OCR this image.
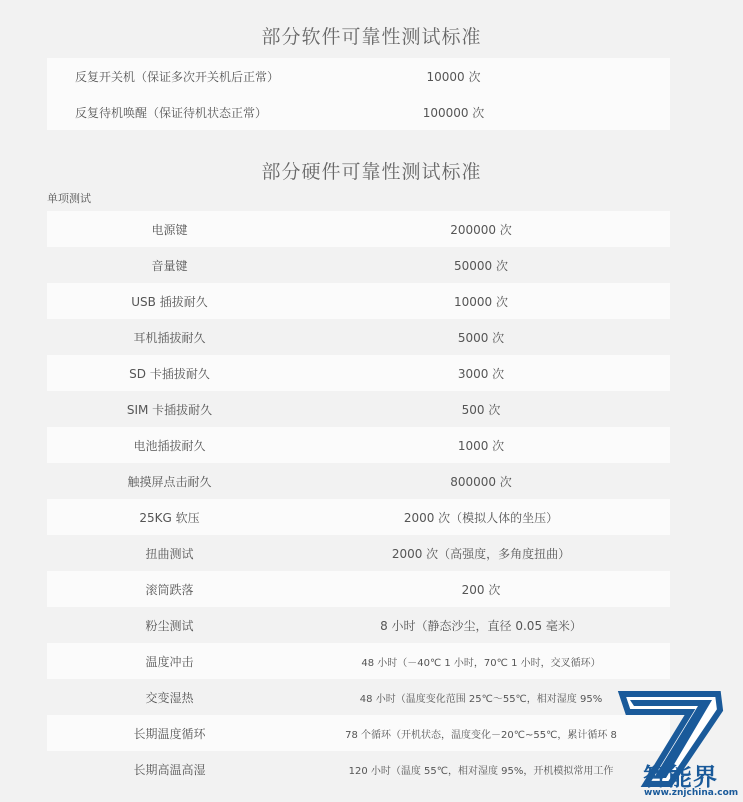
部分软件可靠性测试标准
反复开关机（保证多次开关机后正常）	10000 次
反复待机唤醒（保证待机状态正常）	100000 次
部分硬件可靠性测试标准
单项测试
电源键	200000 次
音量键	50000 次
USB 插拔耐久	10000 次
耳机插拔耐久	5000 次
SD 卡插拔耐久	3000 次
SIM 卡插拔耐久	500 次
电池插拔耐久	1000 次
触摸屏点击耐久	800000 次
25KG 软压	2000 次（模拟人体的坐压）
扭曲测试	2000 次（高强度，多角度扭曲）
滚筒跌落	200 次
粉尘测试	8 小时（静态沙尘，直径 0.05 毫米）
温度冲击	48 小时（－40℃ 1 小时，70℃ 1 小时，交叉循环）
交变湿热	48 小时（温度变化范围 25℃～55℃，相对湿度 95%
长期温度循环	78 个循环（开机状态，温度变化－20℃~55℃，累计循环 8
长期高温高湿	120 小时（温度 55℃，相对湿度 95%，开机模拟常用工作	智能界
www.znjchina.com
